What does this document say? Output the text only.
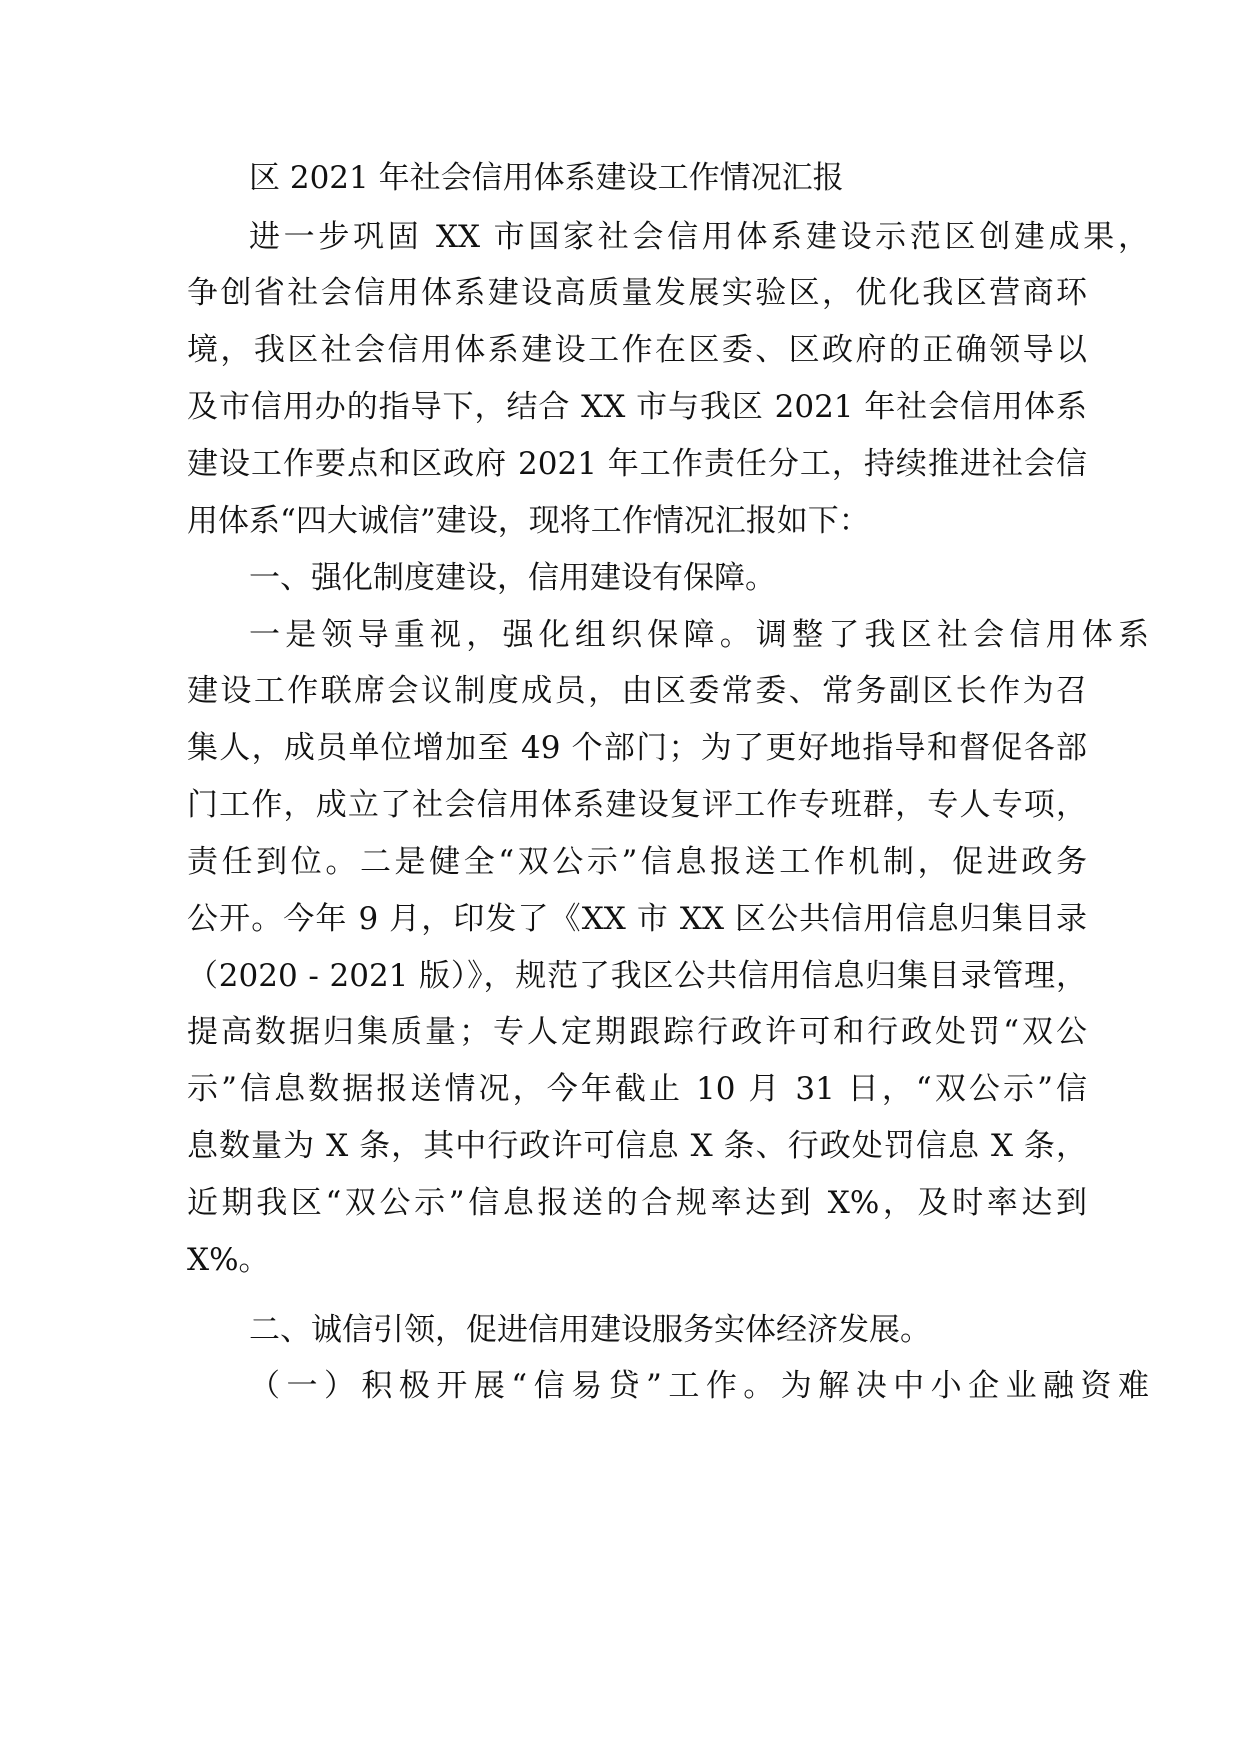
区 2021 年社会信用体系建设工作情况汇报

进一步巩固 XX 市国家社会信用体系建设示范区创建成果，

争创省社会信用体系建设高质量发展实验区，优化我区营商环

境，我区社会信用体系建设工作在区委、区政府的正确领导以

及市信用办的指导下，结合 XX 市与我区 2021 年社会信用体系

建设工作要点和区政府 2021 年工作责任分工，持续推进社会信

用体系“四大诚信”建设，现将工作情况汇报如下：

一、强化制度建设，信用建设有保障。

一是领导重视，强化组织保障。调整了我区社会信用体系

建设工作联席会议制度成员，由区委常委、常务副区长作为召

集人，成员单位增加至 49 个部门；为了更好地指导和督促各部

门工作，成立了社会信用体系建设复评工作专班群，专人专项，

责任到位。二是健全“双公示”信息报送工作机制，促进政务

公开。今年 9 月，印发了《XX 市 XX 区公共信用信息归集目录

（2020 - 2021 版）》，规范了我区公共信用信息归集目录管理，

提高数据归集质量；专人定期跟踪行政许可和行政处罚“双公

示”信息数据报送情况，今年截止 10 月 31 日，“双公示”信

息数量为 X 条，其中行政许可信息 X 条、行政处罚信息 X 条，

近期我区“双公示”信息报送的合规率达到 X%，及时率达到

X%。

二、诚信引领，促进信用建设服务实体经济发展。

（一）积极开展“信易贷”工作。为解决中小企业融资难
